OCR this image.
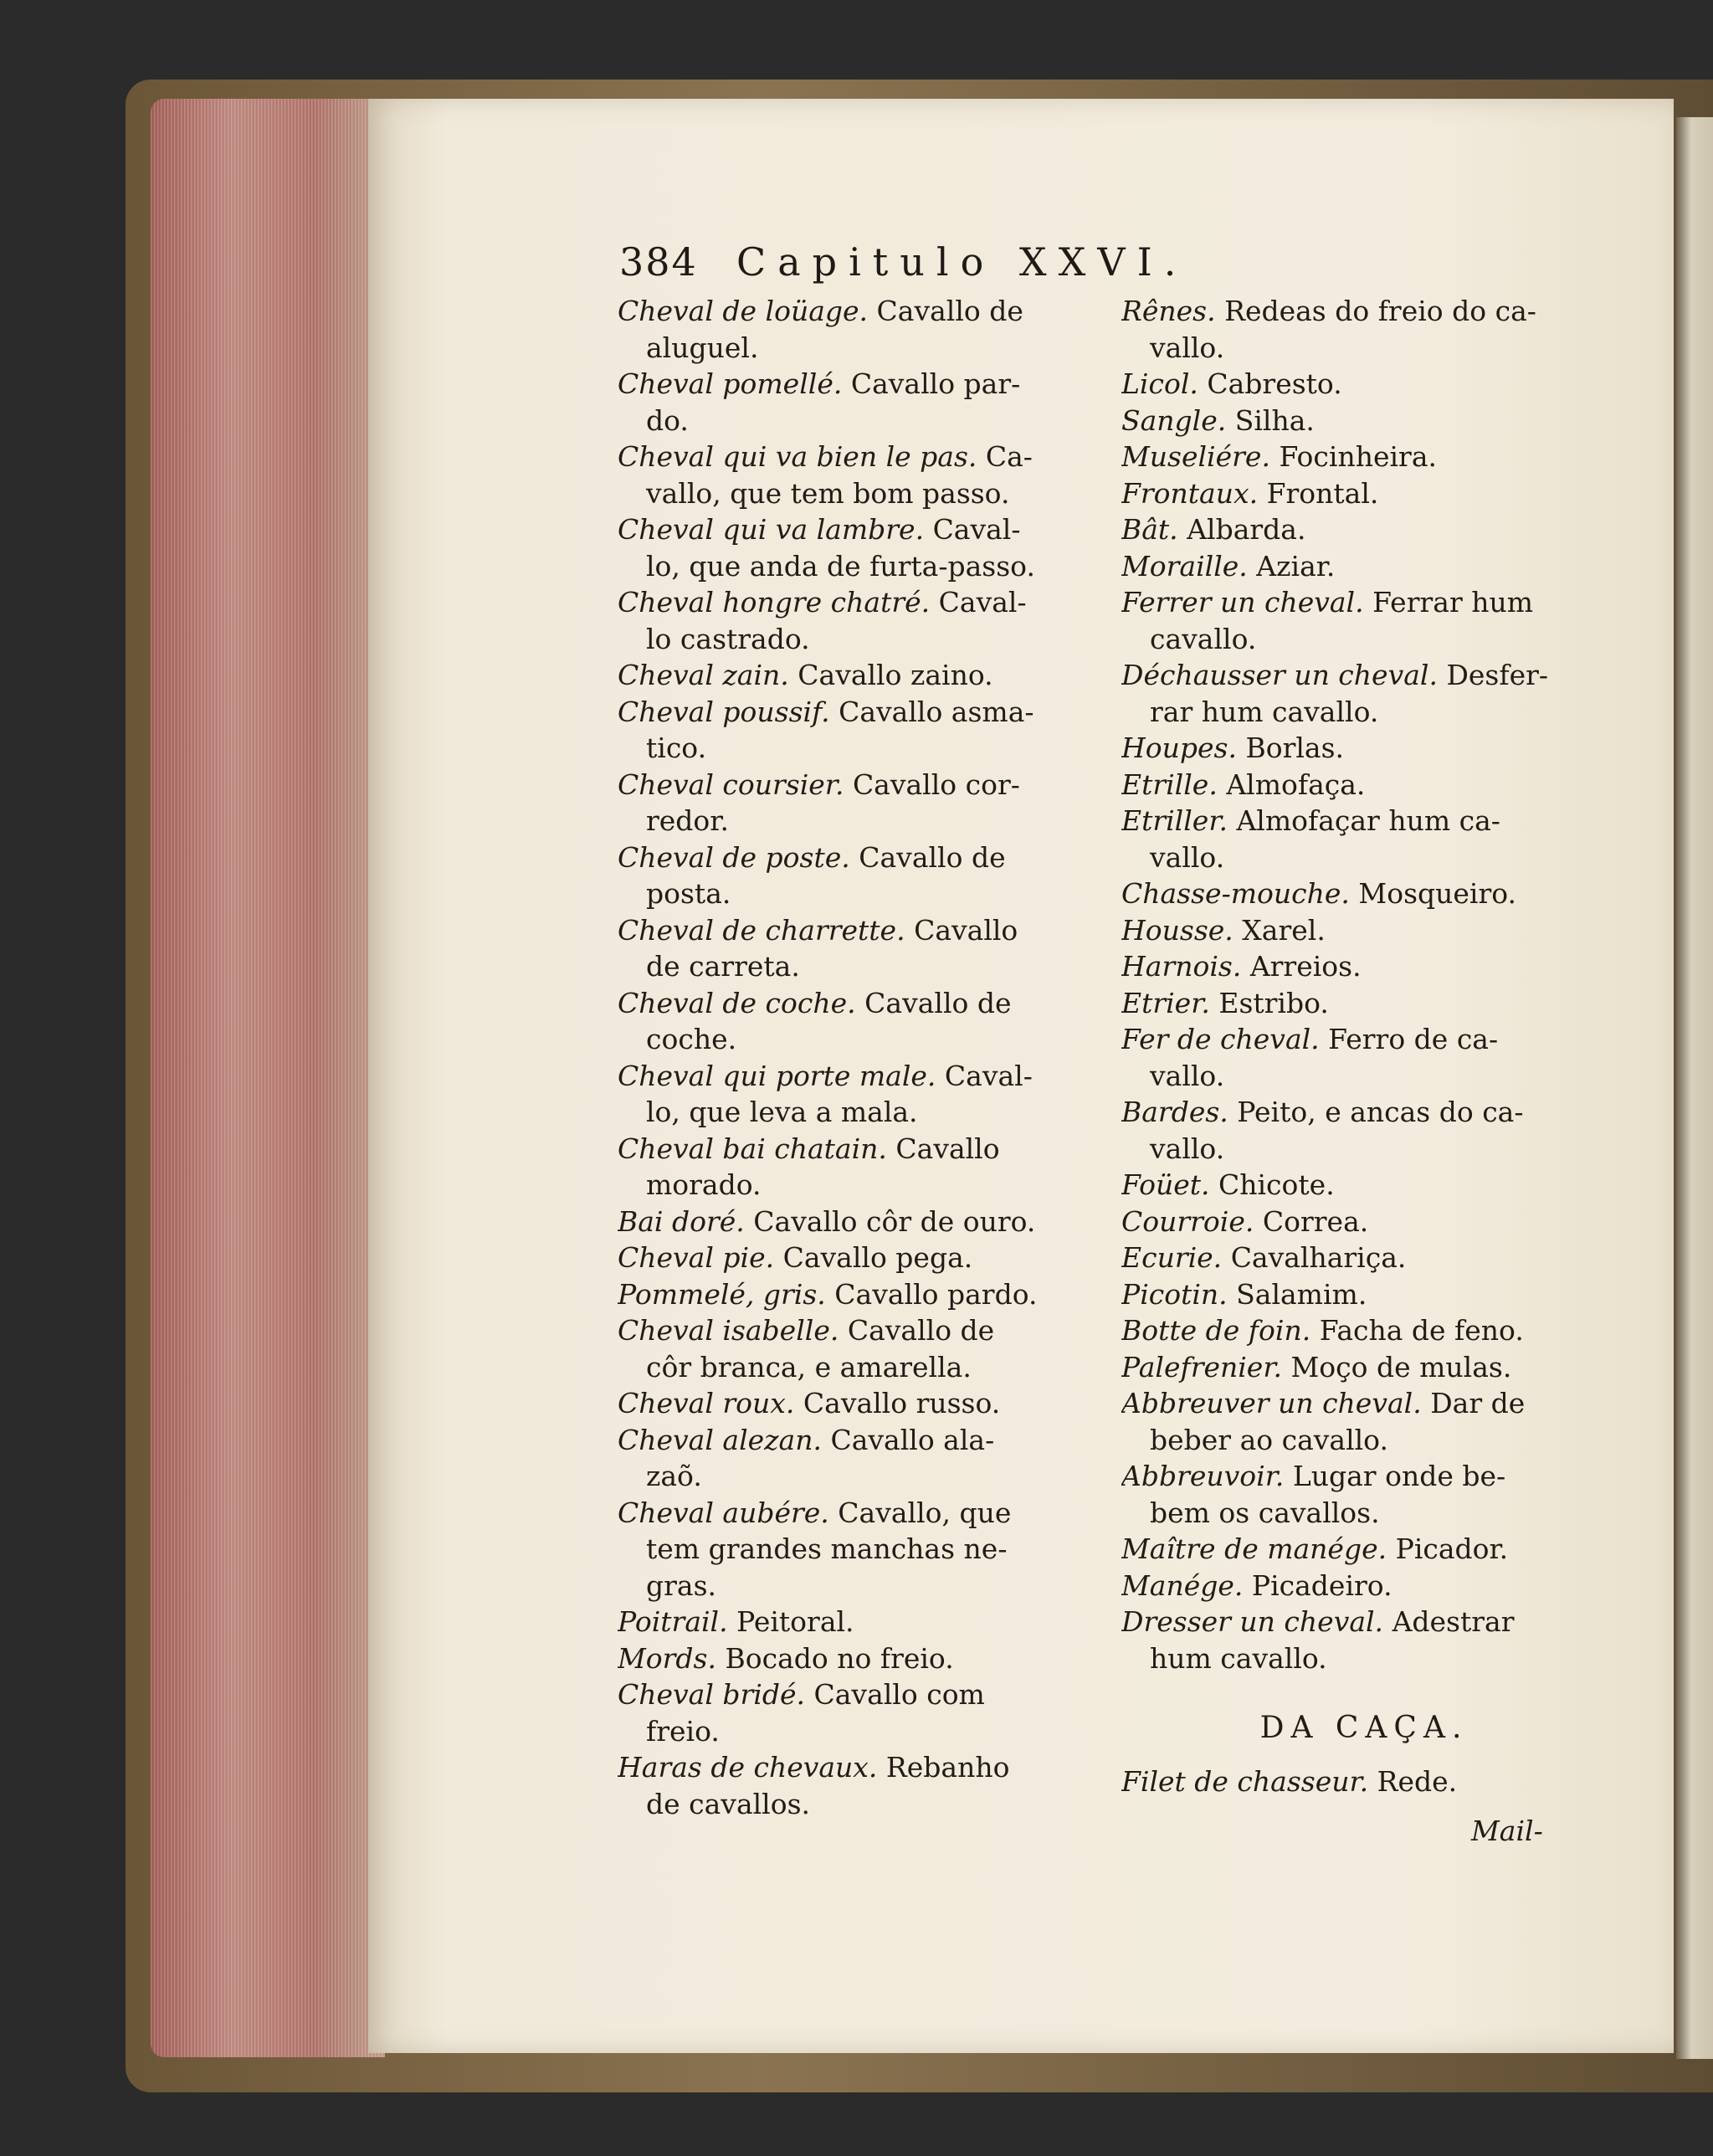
384 Capitulo XXVI.
Cheval de loüage. Cavallo de
aluguel.
Cheval pomellé. Cavallo par-
do.
Cheval qui va bien le pas. Ca-
vallo, que tem bom passo.
Cheval qui va lambre. Caval-
lo, que anda de furta-passo.
Cheval hongre chatré. Caval-
lo castrado.
Cheval zain. Cavallo zaino.
Cheval poussif. Cavallo asma-
tico.
Cheval coursier. Cavallo cor-
redor.
Cheval de poste. Cavallo de
posta.
Cheval de charrette. Cavallo
de carreta.
Cheval de coche. Cavallo de
coche.
Cheval qui porte male. Caval-
lo, que leva a mala.
Cheval bai chatain. Cavallo
morado.
Bai doré. Cavallo côr de ouro.
Cheval pie. Cavallo pega.
Pommelé, gris. Cavallo pardo.
Cheval isabelle. Cavallo de
côr branca, e amarella.
Cheval roux. Cavallo russo.
Cheval alezan. Cavallo ala-
zaõ.
Cheval aubére. Cavallo, que
tem grandes manchas ne-
gras.
Poitrail. Peitoral.
Mords. Bocado no freio.
Cheval bridé. Cavallo com
freio.
Haras de chevaux. Rebanho
de cavallos.
Rênes. Redeas do freio do ca-
vallo.
Licol. Cabresto.
Sangle. Silha.
Museliére. Focinheira.
Frontaux. Frontal.
Bât. Albarda.
Moraille. Aziar.
Ferrer un cheval. Ferrar hum
cavallo.
Déchausser un cheval. Desfer-
rar hum cavallo.
Houpes. Borlas.
Etrille. Almofaça.
Etriller. Almofaçar hum ca-
vallo.
Chasse-mouche. Mosqueiro.
Housse. Xarel.
Harnois. Arreios.
Etrier. Estribo.
Fer de cheval. Ferro de ca-
vallo.
Bardes. Peito, e ancas do ca-
vallo.
Foüet. Chicote.
Courroie. Correa.
Ecurie. Cavalhariça.
Picotin. Salamim.
Botte de foin. Facha de feno.
Palefrenier. Moço de mulas.
Abbreuver un cheval. Dar de
beber ao cavallo.
Abbreuvoir. Lugar onde be-
bem os cavallos.
Maître de manége. Picador.
Manége. Picadeiro.
Dresser un cheval. Adestrar
hum cavallo.
DA CAÇA.
Filet de chasseur. Rede.
Mail-
